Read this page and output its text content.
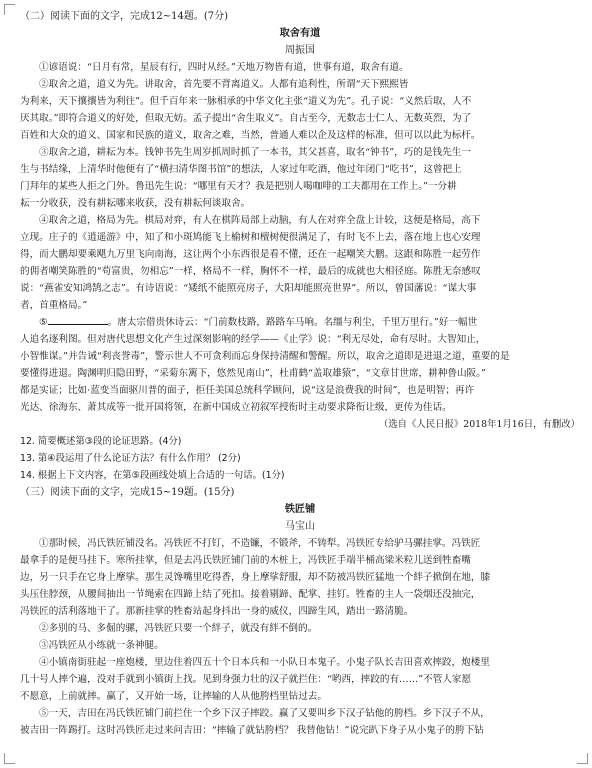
（二）阅读下面的文字，完成12~14题。(7分)
取舍有道
周振国
①谚语说：“日月有常，星辰有行，四时从经。”天地万物皆有道，世事有道，取舍有道。
②取舍之道，道义为先。讲取舍，首先要不背离道义。人都有追利性，所谓“天下熙熙皆
为利来，天下攘攘皆为利往”。但千百年来一脉相承的中华文化主张“道义为先”。孔子说：“义然后取，人不
厌其取。”即符合道义的好处，但取无妨。孟子提出“舍生取义”。自古至今，无数志士仁人、无数英烈，为了
百姓和大众的道义、国家和民族的道义，取舍之难，当然，普通人难以企及这样的标准，但可以以此为标杆。
③取舍之道，耕耘为本。钱钟书先生周岁抓周时抓了一本书，其父甚喜，取名“钟书”，巧的是钱先生一
生与书结缘，上清华时他便有了“横扫清华图书馆”的想法，人家过年吃酒，他过年闭门“吃书”，这曾把上
门拜年的某些人拒之门外。鲁迅先生说：“哪里有天才？我是把别人喝咖啡的工夫都用在工作上。”一分耕
耘一分收获，没有耕耘哪来收获，没有耕耘何谈取舍。
④取舍之道，格局为先。棋局对弈，有人在棋阵局部上动脑，有人在对弈全盘上计较，这便是格局，高下
立现。庄子的《逍遥游》中，知了和小斑鸠能飞上榆树和檀树便很满足了，有时飞不上去，落在地上也心安理
得，而大鹏却要乘飓九万里飞向南海，这让两个小东西很是看不懂，还在一起嘲笑大鹏。这跟和陈胜一起劳作
的佣者嘲笑陈胜的“苟富贵，勿相忘”一样，格局不一样，胸怀不一样，最后的成就也大相径庭。陈胜无奈感叹
说：“燕雀安知鸿鹄之志”。有诗语说：“矮纸不能照亮房子，大阳却能照亮世界”。所以，曾国藩说：“谋大事
者，首重格局。”
⑤	。唐太宗借贵休诗云：“门前数枝路，路路车马响。名缰与利尘，千里万里行。”好一幅世
人追名逐利图。但对唐代思想文化产生过深刻影响的经学——《止学》说：“利无尽处，命有尽时。大智知止，
小智惟谋。”并告诫“利丧誉毒”，警示世人不可贪利而忘身保持清醒和警醒。所以，取舍之道即是进退之道，重要的是
要懂得进退。陶渊明归隐田野，“采菊东篱下，悠然见南山”，杜甫鹤“盖取雄猿”，“文章甘世席，耕种鲁山阪。”
都是实证；比如·蓝变当面驱川普的面子，拒任美国总统科学顾问，说“这是浪费我的时间”，也是明智；再许
光达、徐海东、萧其成等一批开国将领，在新中国成立初叙军授衔时主动要求降衔让级，更传为佳话。
（选自《人民日报》2018年1月16日，有删改）
12. 简要概述第③段的论证思路。(4分)
13. 第④段运用了什么论证方法？有什么作用？ (2分)
14. 根据上下文内容，在第⑤段画线处填上合适的一句话。(1分)
（三）阅读下面的文字，完成15~19题。(15分)
铁匠铺
马宝山
①那时候，冯氏铁匠铺没名。冯铁匠不打钉，不造镰，不锻斧，不铸犁。冯铁匠专给驴马骡挂掌。冯铁匠
最拿手的是便马挂下。寒所挂掌，但是去冯氏铁匠铺门前的木桩上，冯铁匠手端半桶高梁米粒儿送到牲畜嘴
边，另一只手在它身上摩挲。那生灵馋嘴里吃得香，身上摩挲舒服，却不防被冯铁匠猛地一个絆子掀倒在地，膝
头压住脖颈，从腰间抽出一节绳索在四蹄上结了死扣。接着剔蹄、配掌、挂钉。牲畜的主人一袋烟还没抽完，
冯铁匠的活利落地干了。那新挂掌的牲畜站起身抖出一身的威仪，四蹄生风，踏出一路清脆。
②多别的马、多倔的骡，冯铁匠只要一个絆子，就没有絆不倒的。
③冯铁匠从小练就一条神腿。
④小镇南街驻起一座炮楼，里边住着四五十个日本兵和一小队日本鬼子。小鬼子队长吉田喜欢摔跤，炮楼里
几十号人摔个遍，没对手就到小镇街上找。见到身强力壮的汉子就拦住：“哟西，摔跤的有……”不管人家愿
不愿意，上前就摔。赢了，又开始一场，让摔输的人从他胯档里钻过去。
⑤一天，吉田在冯氏铁匠铺门前拦住一个乡下汉子摔跤。赢了又要叫乡下汉子钻他的胯档。乡下汉子不从，
被吉田一阵踢打。这时冯铁匠走过来问吉田：“摔输了就钻胯档？ 我替他钻！”说完趴下身子从小鬼子的胯下钻
